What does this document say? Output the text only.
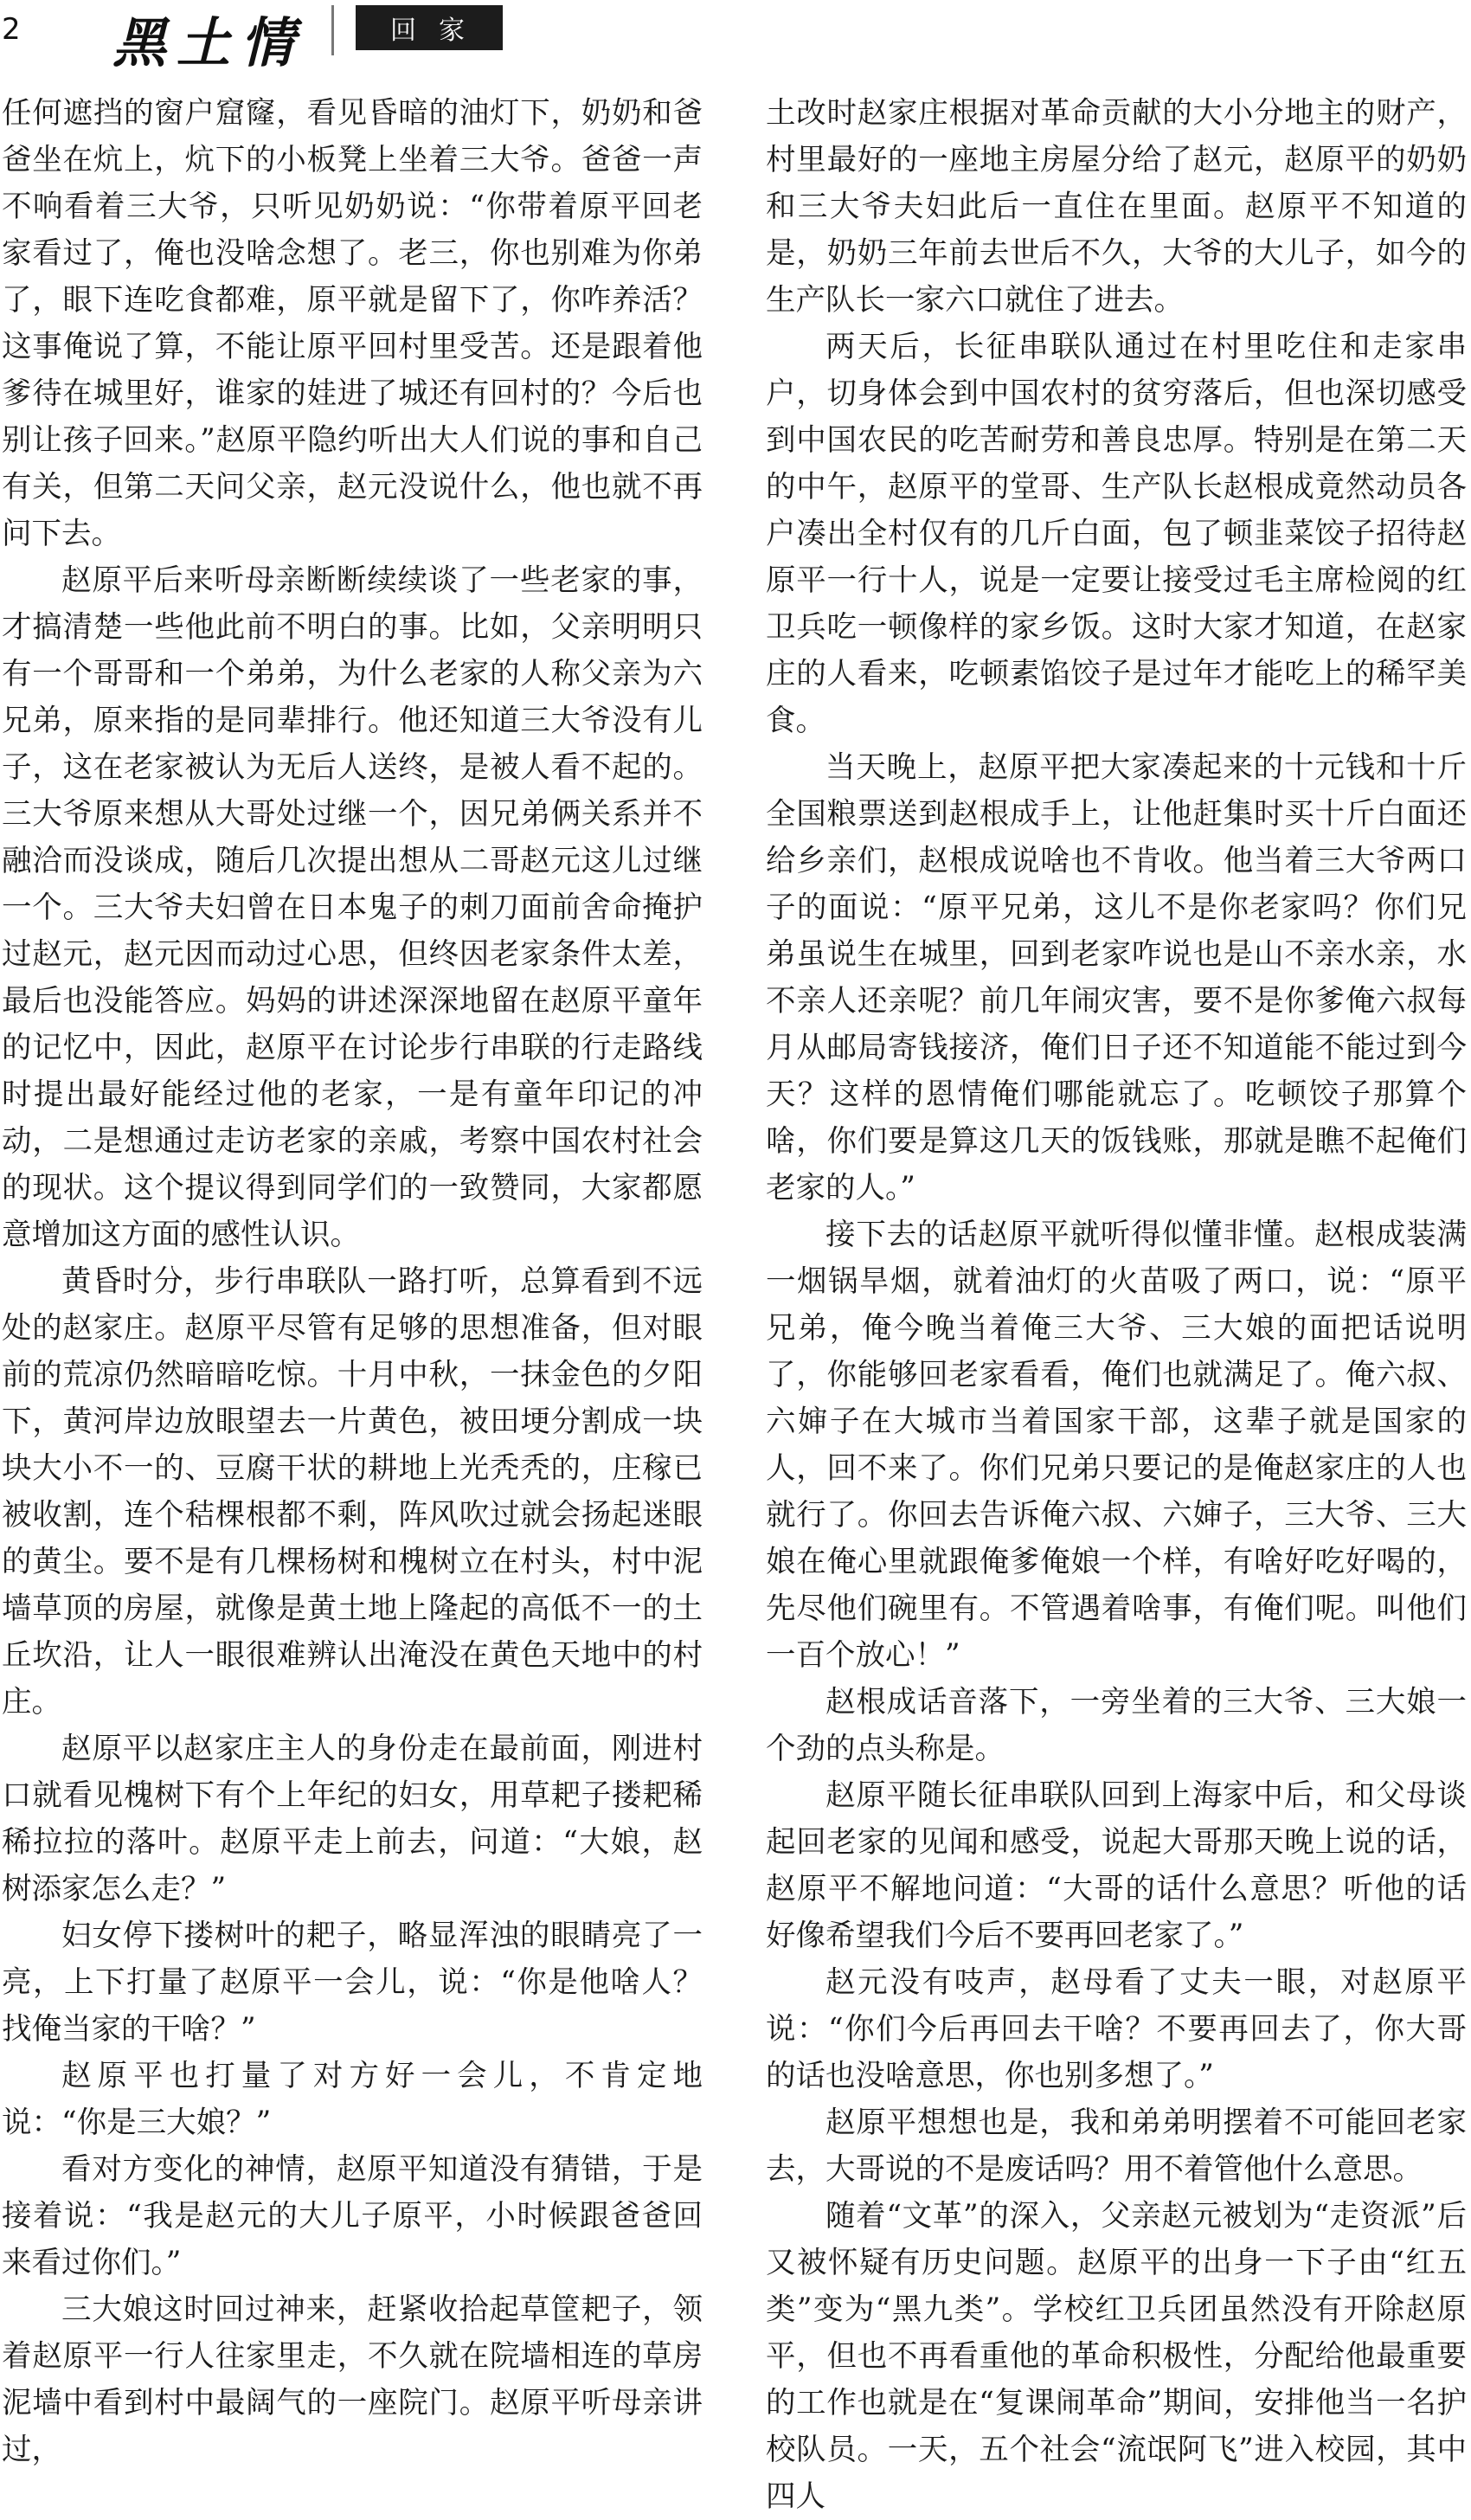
2 黑土情	回家

任何遮挡的窗户窟窿，看见昏暗的油灯下，奶奶和爸爸坐在炕上，炕下的小板凳上坐着三大爷。爸爸一声不响看着三大爷，只听见奶奶说：“你带着原平回老家看过了，俺也没啥念想了。老三，你也别难为你弟了，眼下连吃食都难，原平就是留下了，你咋养活？这事俺说了算，不能让原平回村里受苦。还是跟着他爹待在城里好，谁家的娃进了城还有回村的？今后也别让孩子回来。”赵原平隐约听出大人们说的事和自己有关，但第二天问父亲，赵元没说什么，他也就不再问下去。

赵原平后来听母亲断断续续谈了一些老家的事，才搞清楚一些他此前不明白的事。比如，父亲明明只有一个哥哥和一个弟弟，为什么老家的人称父亲为六兄弟，原来指的是同辈排行。他还知道三大爷没有儿子，这在老家被认为无后人送终，是被人看不起的。三大爷原来想从大哥处过继一个，因兄弟俩关系并不融洽而没谈成，随后几次提出想从二哥赵元这儿过继一个。三大爷夫妇曾在日本鬼子的刺刀面前舍命掩护过赵元，赵元因而动过心思，但终因老家条件太差，最后也没能答应。妈妈的讲述深深地留在赵原平童年的记忆中，因此，赵原平在讨论步行串联的行走路线时提出最好能经过他的老家，一是有童年印记的冲动，二是想通过走访老家的亲戚，考察中国农村社会的现状。这个提议得到同学们的一致赞同，大家都愿意增加这方面的感性认识。

黄昏时分，步行串联队一路打听，总算看到不远处的赵家庄。赵原平尽管有足够的思想准备，但对眼前的荒凉仍然暗暗吃惊。十月中秋，一抹金色的夕阳下，黄河岸边放眼望去一片黄色，被田埂分割成一块块大小不一的、豆腐干状的耕地上光秃秃的，庄稼已被收割，连个秸棵根都不剩，阵风吹过就会扬起迷眼的黄尘。要不是有几棵杨树和槐树立在村头，村中泥墙草顶的房屋，就像是黄土地上隆起的高低不一的土丘坎沿，让人一眼很难辨认出淹没在黄色天地中的村庄。

赵原平以赵家庄主人的身份走在最前面，刚进村口就看见槐树下有个上年纪的妇女，用草耙子搂耙稀稀拉拉的落叶。赵原平走上前去，问道：“大娘，赵树添家怎么走？”

妇女停下搂树叶的耙子，略显浑浊的眼睛亮了一亮，上下打量了赵原平一会儿，说：“你是他啥人？找俺当家的干啥？”

赵原平也打量了对方好一会儿，不肯定地说：“你是三大娘？”

看对方变化的神情，赵原平知道没有猜错，于是接着说：“我是赵元的大儿子原平，小时候跟爸爸回来看过你们。”

三大娘这时回过神来，赶紧收拾起草筐耙子，领着赵原平一行人往家里走，不久就在院墙相连的草房泥墙中看到村中最阔气的一座院门。赵原平听母亲讲过，

土改时赵家庄根据对革命贡献的大小分地主的财产，村里最好的一座地主房屋分给了赵元，赵原平的奶奶和三大爷夫妇此后一直住在里面。赵原平不知道的是，奶奶三年前去世后不久，大爷的大儿子，如今的生产队长一家六口就住了进去。

两天后，长征串联队通过在村里吃住和走家串户，切身体会到中国农村的贫穷落后，但也深切感受到中国农民的吃苦耐劳和善良忠厚。特别是在第二天的中午，赵原平的堂哥、生产队长赵根成竟然动员各户凑出全村仅有的几斤白面，包了顿韭菜饺子招待赵原平一行十人，说是一定要让接受过毛主席检阅的红卫兵吃一顿像样的家乡饭。这时大家才知道，在赵家庄的人看来，吃顿素馅饺子是过年才能吃上的稀罕美食。

当天晚上，赵原平把大家凑起来的十元钱和十斤全国粮票送到赵根成手上，让他赶集时买十斤白面还给乡亲们，赵根成说啥也不肯收。他当着三大爷两口子的面说：“原平兄弟，这儿不是你老家吗？你们兄弟虽说生在城里，回到老家咋说也是山不亲水亲，水不亲人还亲呢？前几年闹灾害，要不是你爹俺六叔每月从邮局寄钱接济，俺们日子还不知道能不能过到今天？这样的恩情俺们哪能就忘了。吃顿饺子那算个啥，你们要是算这几天的饭钱账，那就是瞧不起俺们老家的人。”

接下去的话赵原平就听得似懂非懂。赵根成装满一烟锅旱烟，就着油灯的火苗吸了两口，说：“原平兄弟，俺今晚当着俺三大爷、三大娘的面把话说明了，你能够回老家看看，俺们也就满足了。俺六叔、六婶子在大城市当着国家干部，这辈子就是国家的人，回不来了。你们兄弟只要记的是俺赵家庄的人也就行了。你回去告诉俺六叔、六婶子，三大爷、三大娘在俺心里就跟俺爹俺娘一个样，有啥好吃好喝的，先尽他们碗里有。不管遇着啥事，有俺们呢。叫他们一百个放心！”

赵根成话音落下，一旁坐着的三大爷、三大娘一个劲的点头称是。

赵原平随长征串联队回到上海家中后，和父母谈起回老家的见闻和感受，说起大哥那天晚上说的话，赵原平不解地问道：“大哥的话什么意思？听他的话好像希望我们今后不要再回老家了。”

赵元没有吱声，赵母看了丈夫一眼，对赵原平说：“你们今后再回去干啥？不要再回去了，你大哥的话也没啥意思，你也别多想了。”

赵原平想想也是，我和弟弟明摆着不可能回老家去，大哥说的不是废话吗？用不着管他什么意思。

随着“文革”的深入，父亲赵元被划为“走资派”后又被怀疑有历史问题。赵原平的出身一下子由“红五类”变为“黑九类”。学校红卫兵团虽然没有开除赵原平，但也不再看重他的革命积极性，分配给他最重要的工作也就是在“复课闹革命”期间，安排他当一名护校队员。一天，五个社会“流氓阿飞”进入校园，其中四人
